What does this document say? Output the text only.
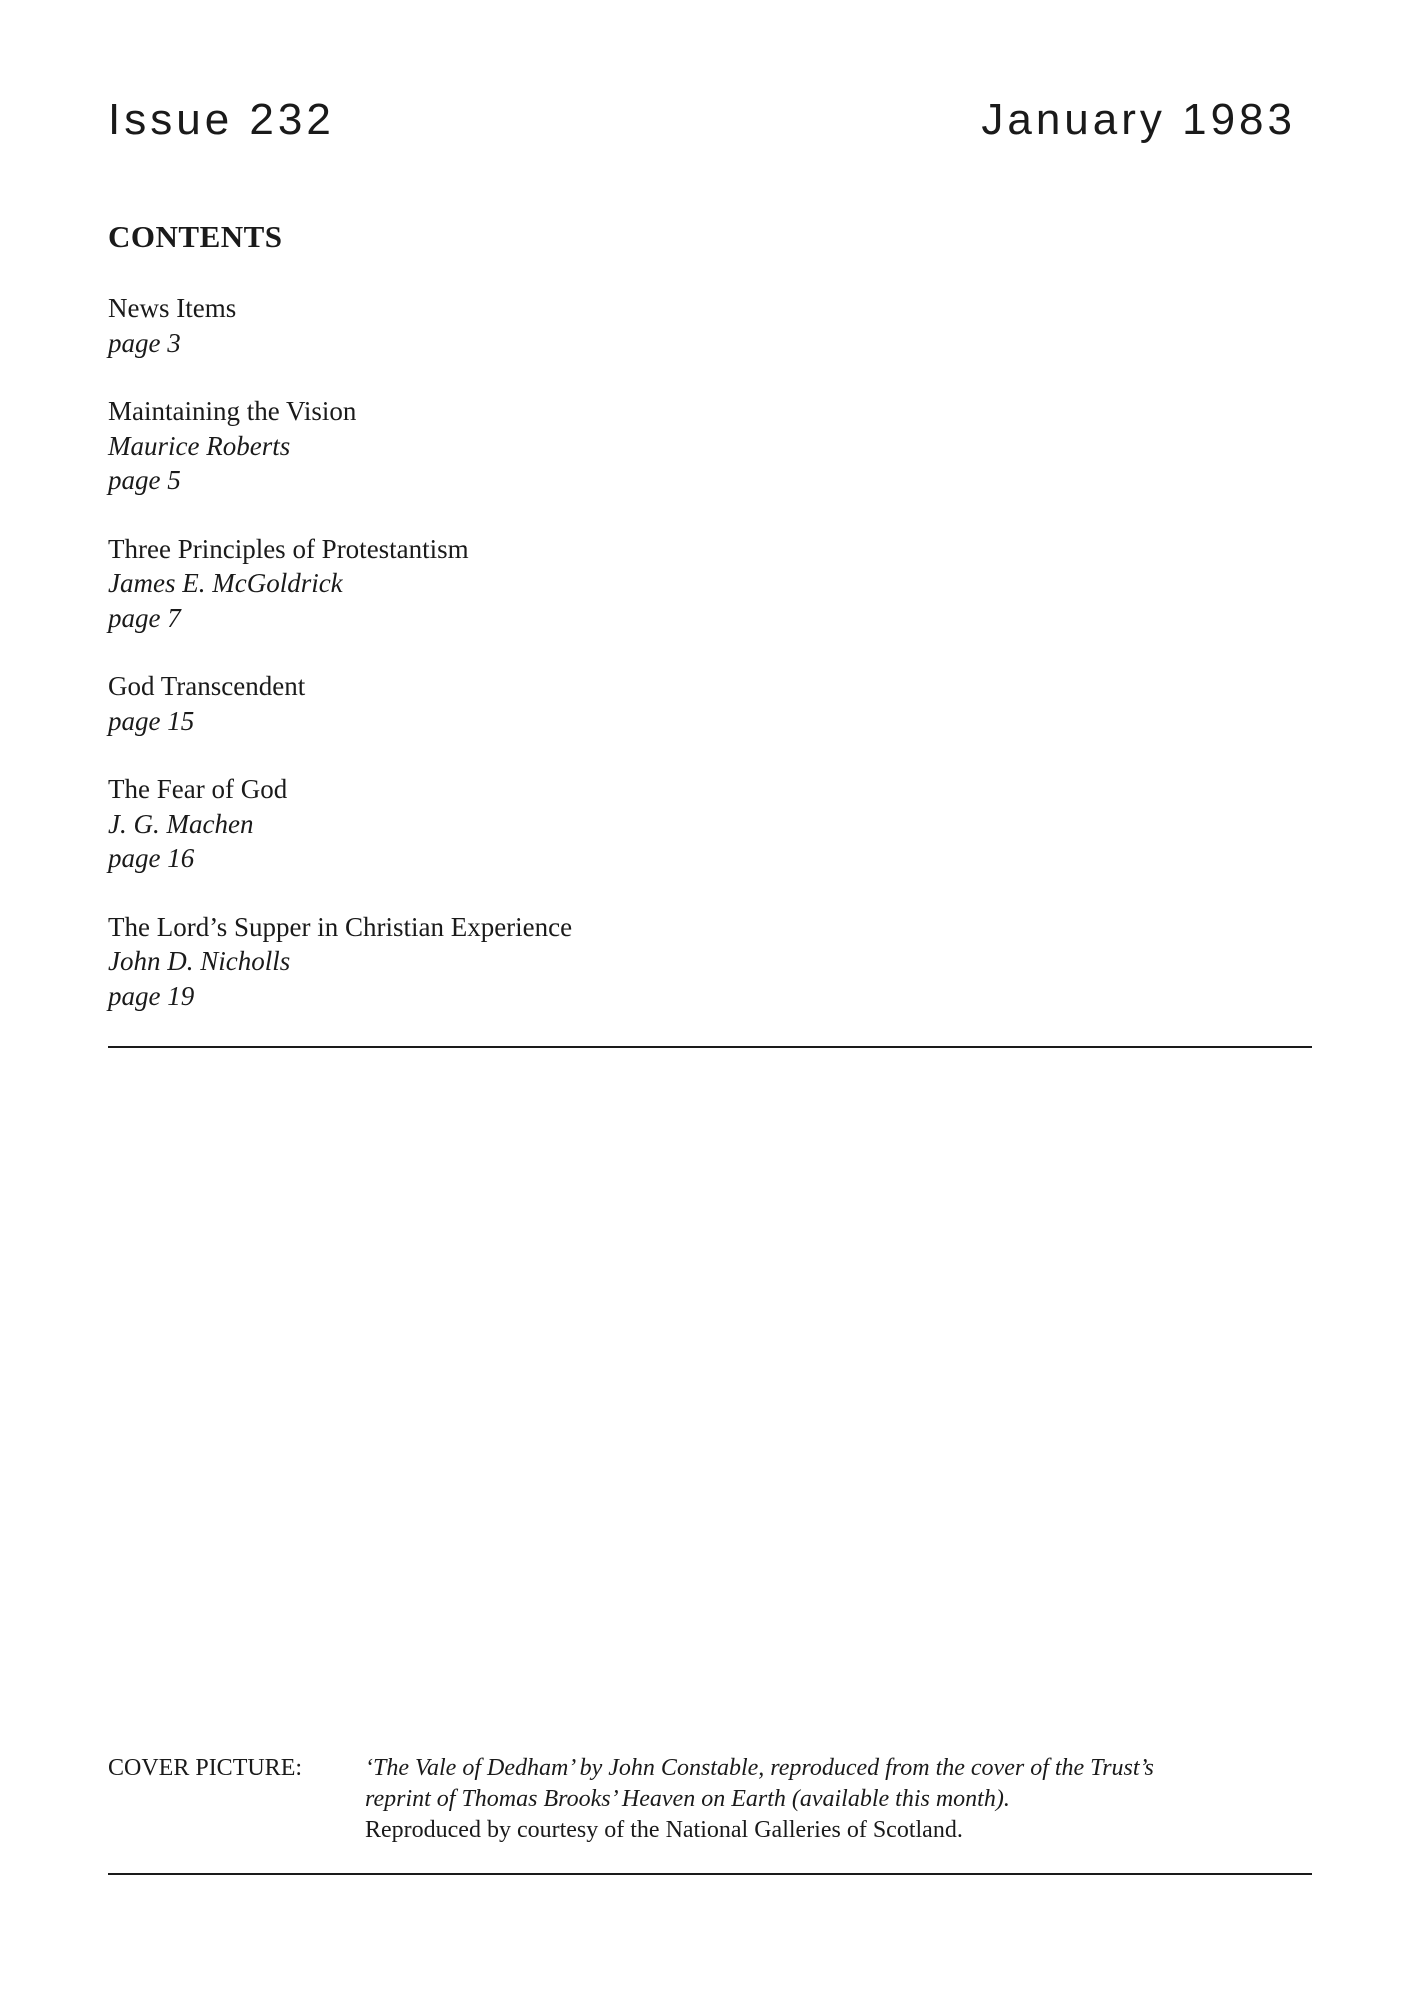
Issue 232	January 1983
CONTENTS
News Items
page 3
Maintaining the Vision
Maurice Roberts
page 5
Three Principles of Protestantism
James E. McGoldrick
page 7
God Transcendent
page 15
The Fear of God
J. G. Machen
page 16
The Lord’s Supper in Christian Experience
John D. Nicholls
page 19
COVER PICTURE:	‘The Vale of Dedham’ by John Constable, reproduced from the cover of the Trust’s
reprint of Thomas Brooks’ Heaven on Earth (available this month).
Reproduced by courtesy of the National Galleries of Scotland.
